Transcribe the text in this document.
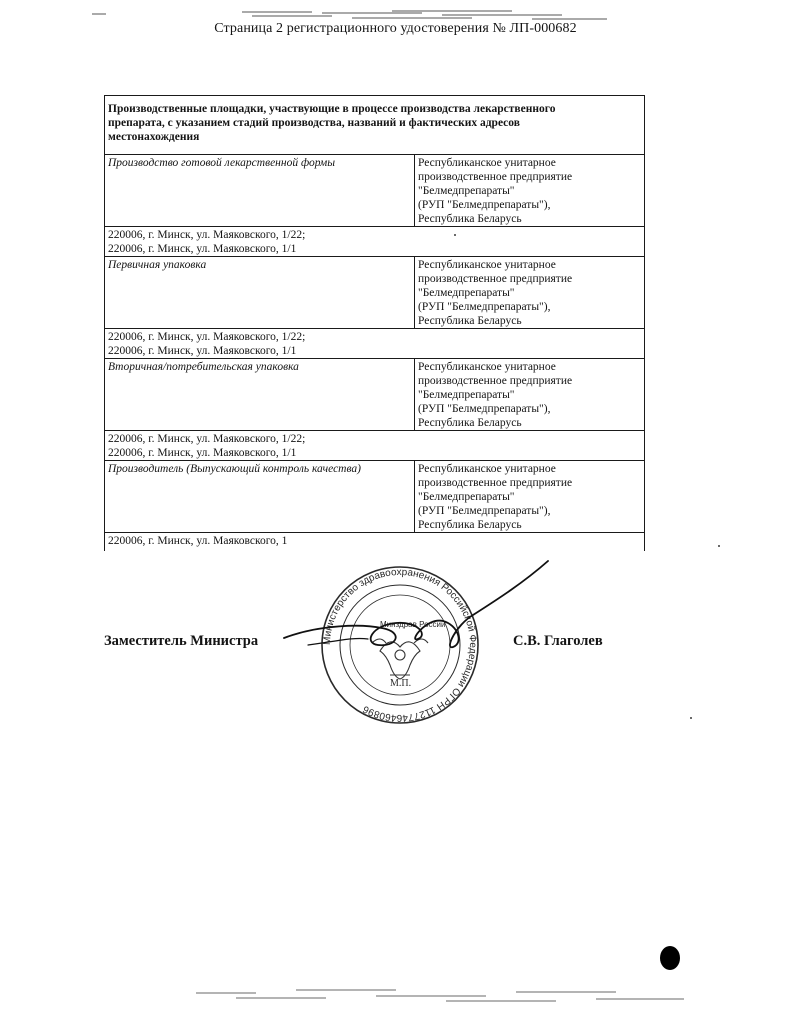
Страница 2 регистрационного удостоверения № ЛП-000682
Производственные площадки, участвующие в процессе производства лекарственного
препарата, с указанием стадий производства, названий и фактических адресов
местонахождения	

Производство готовой лекарственной формы	Республиканское унитарное
производственное предприятие
"Белмедпрепараты"
(РУП "Белмедпрепараты"),
Республика Беларусь

220006, г. Минск, ул. Маяковского, 1/22;
220006, г. Минск, ул. Маяковского, 1/1	

Первичная упаковка	Республиканское унитарное
производственное предприятие
"Белмедпрепараты"
(РУП "Белмедпрепараты"),
Республика Беларусь

220006, г. Минск, ул. Маяковского, 1/22;
220006, г. Минск, ул. Маяковского, 1/1	

Вторичная/потребительская упаковка	Республиканское унитарное
производственное предприятие
"Белмедпрепараты"
(РУП "Белмедпрепараты"),
Республика Беларусь

220006, г. Минск, ул. Маяковского, 1/22;
220006, г. Минск, ул. Маяковского, 1/1	

Производитель (Выпускающий контроль качества)	Республиканское унитарное
производственное предприятие
"Белмедпрепараты"
(РУП "Белмедпрепараты"),
Республика Беларусь

220006, г. Минск, ул. Маяковского, 1	
Заместитель Министра	С.В. Глаголев
Министерство здравоохранения Российской Федерации ОГРН 1127746460896
Минздрав России
М.П.
